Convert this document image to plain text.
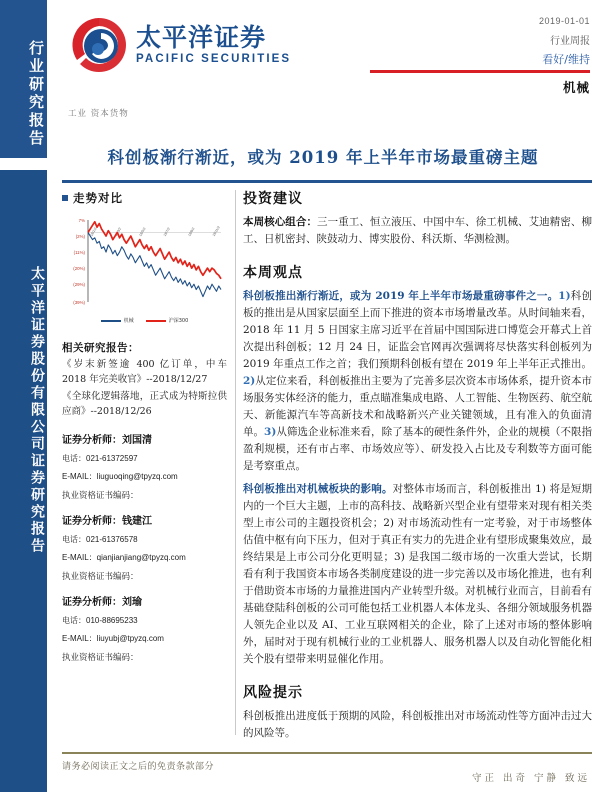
行业研究报告
太平洋证券股份有限公司证券研究报告
太平洋证券
PACIFIC SECURITIES
2019-01-01
行业周报
看好/维持
机械
工业 资本货物
科创板渐行渐近，或为 2019 年上半年市场最重磅主题
走势对比
7%
(2%)
(11%)
(20%)
(29%)
(39%)
18/1/2	18/3/2	18/5/2	18/7/2	18/9/2	18/11/2
机械	沪深300
相关研究报告：
《岁末新签逾 400 亿订单，中车 2018 年完美收官》--2018/12/27
《全球化逻辑落地，正式成为特斯拉供应商》--2018/12/26
证券分析师：刘国清
电话：021-61372597
E-MAIL：liuguoqing@tpyzq.com
执业资格证书编码：
证券分析师：钱建江
电话：021-61376578
E-MAIL：qianjianjiang@tpyzq.com
执业资格证书编码：
证券分析师：刘瑜
电话：010-88695233
E-MAIL：liuyubj@tpyzq.com
执业资格证书编码：
投资建议
本周核心组合：三一重工、恒立液压、中国中车、徐工机械、艾迪精密、柳工、日机密封、陕鼓动力、博实股份、科沃斯、华测检测。
本周观点
科创板推出渐行渐近，或为 2019 年上半年市场最重磅事件之一。1)科创板的推出是从国家层面至上而下推进的资本市场增量改革。从时间轴来看，2018 年 11 月 5 日国家主席习近平在首届中国国际进口博览会开幕式上首次提出科创板；12 月 24 日，证监会官网再次强调将尽快落实科创板列为 2019 年重点工作之首；我们预期科创板有望在 2019 年上半年正式推出。2)从定位来看，科创板推出主要为了完善多层次资本市场体系，提升资本市场服务实体经济的能力，重点瞄准集成电路、人工智能、生物医药、航空航天、新能源汽车等高新技术和战略新兴产业关键领域，且有准入的负面清单。3)从筛选企业标准来看，除了基本的硬性条件外，企业的规模（不限指盈利规模，还有市占率、市场效应等）、研发投入占比及专利数等方面可能是考察重点。
科创板推出对机械板块的影响。对整体市场而言，科创板推出 1) 将是短期内的一个巨大主题，上市的高科技、战略新兴型企业有望带来对现有相关类型上市公司的主题投资机会；2) 对市场流动性有一定考验，对于市场整体估值中枢有向下压力，但对于真正有实力的先进企业有望形成聚集效应，最终结果是上市公司分化更明显；3) 是我国二级市场的一次重大尝试，长期看有利于我国资本市场各类制度建设的进一步完善以及市场化推进，也有利于借助资本市场的力量推进国内产业转型升级。对机械行业而言，目前看有基础登陆科创板的公司可能包括工业机器人本体龙头、各细分领域服务机器人领先企业以及 AI、工业互联网相关的企业，除了上述对市场的整体影响外，届时对于现有机械行业的工业机器人、服务机器人以及自动化智能化相关个股有望带来明显催化作用。
风险提示
科创板推出进度低于预期的风险，科创板推出对市场流动性等方面冲击过大的风险等。
请务必阅读正文之后的免责条款部分
守正 出奇 宁静 致远
